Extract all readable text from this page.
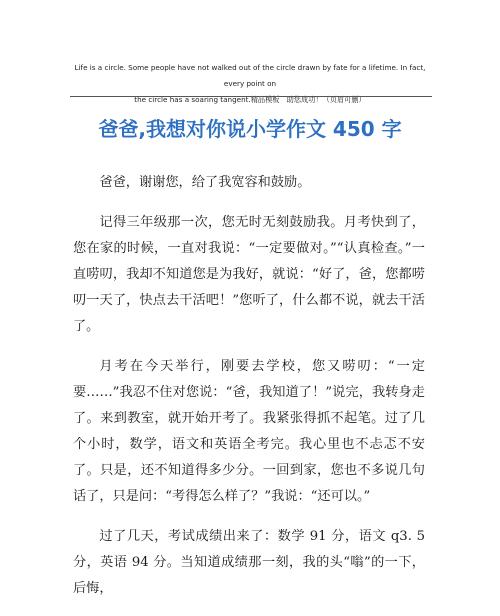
Life is a circle. Some people have not walked out of the circle drawn by fate for a lifetime. In fact, every point on
the circle has a soaring tangent.精品模板　助您成功！（页眉可删）
爸爸,我想对你说小学作文 450 字

爸爸，谢谢您，给了我宽容和鼓励。

记得三年级那一次，您无时无刻鼓励我。月考快到了，您在家的时候，一直对我说：“一定要做对。”“认真检查。”一直唠叨，我却不知道您是为我好，就说：“好了，爸，您都唠叨一天了，快点去干活吧！”您听了，什么都不说，就去干活了。

月考在今天举行，刚要去学校，您又唠叨：“一定要……”我忍不住对您说：“爸，我知道了！”说完，我转身走了。来到教室，就开始开考了。我紧张得抓不起笔。过了几个小时，数学，语文和英语全考完。我心里也不忐忑不安了。只是，还不知道得多少分。一回到家，您也不多说几句话了，只是问：“考得怎么样了？”我说：“还可以。”

过了几天，考试成绩出来了：数学 91 分，语文 q3. 5 分，英语 94 分。当知道成绩那一刻，我的头“嗡”的一下，后悔，
